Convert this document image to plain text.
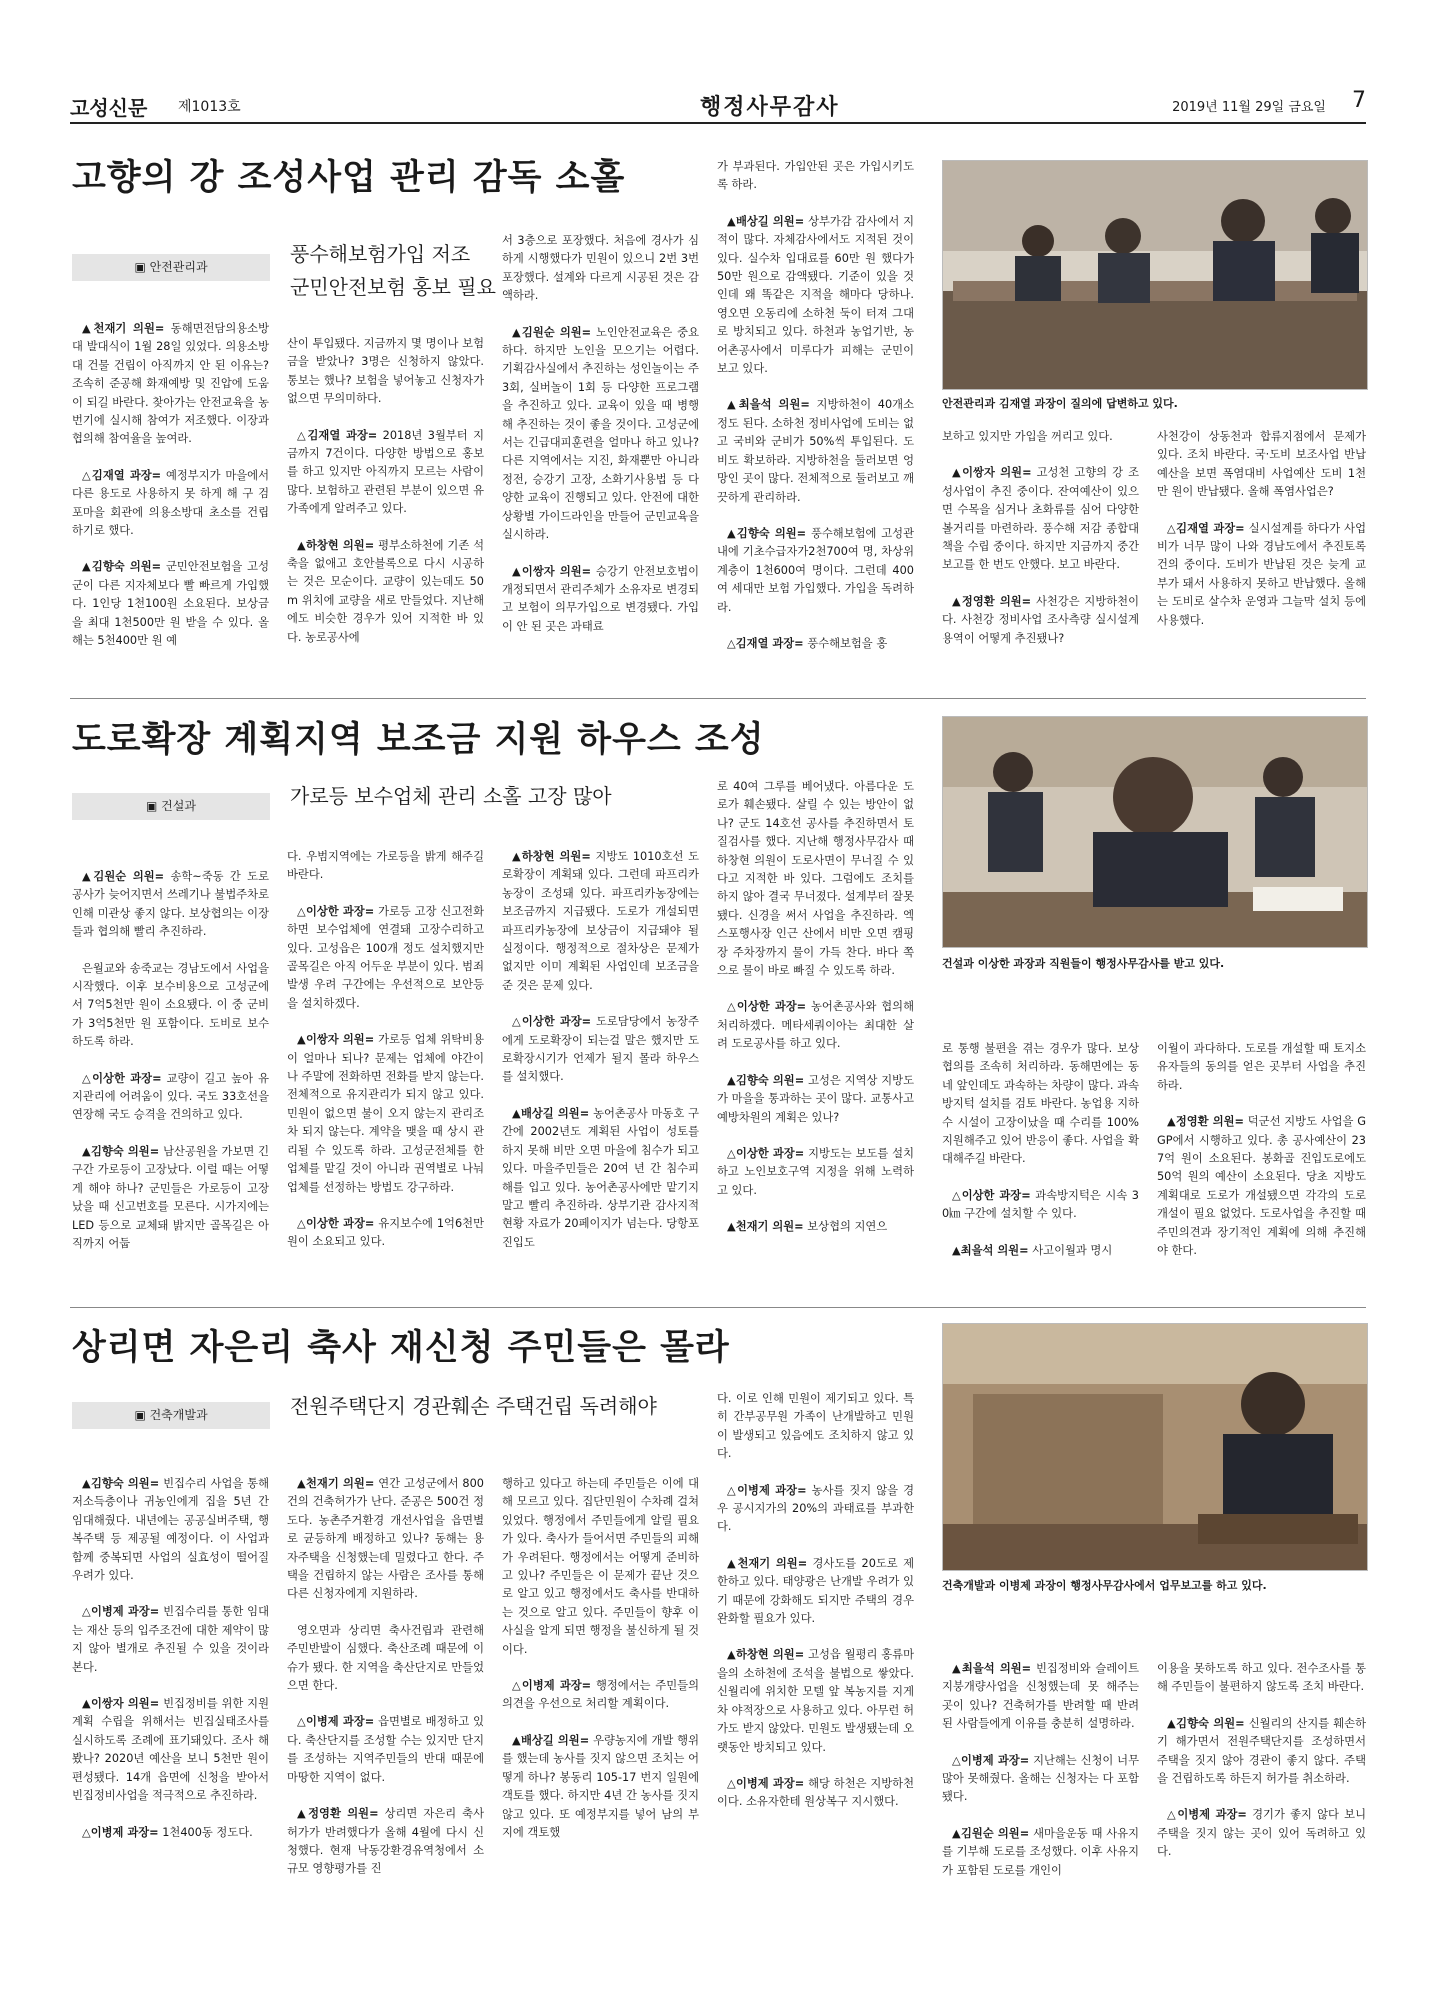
고성신문 제1013호	행정사무감사	2019년 11월 29일 금요일 7
고향의 강 조성사업 관리 감독 소홀
▣ 안전관리과
풍수해보험가입 저조
군민안전보험 홍보 필요
안전관리과 김재열 과장이 질의에 답변하고 있다.

▲천재기 의원= 동해면전담의용소방대 발대식이 1월 28일 있었다. 의용소방대 건물 건립이 아직까지 안 된 이유는? 조속히 준공해 화재예방 및 진압에 도움이 되길 바란다. 찾아가는 안전교육을 농번기에 실시해 참여가 저조했다. 이장과 협의해 참여율을 높여라.

△김재열 과장= 예정부지가 마을에서 다른 용도로 사용하지 못 하게 해 구 검포마을 회관에 의용소방대 초소를 건립하기로 했다.

▲김향숙 의원= 군민안전보험을 고성군이 다른 지자체보다 빨 빠르게 가입했다. 1인당 1천100원 소요된다. 보상금을 최대 1천500만 원 받을 수 있다. 올해는 5천400만 원 예

산이 투입됐다. 지금까지 몇 명이나 보험금을 받았나? 3명은 신청하지 않았다. 통보는 했나? 보험을 넣어놓고 신청자가 없으면 무의미하다.

△김재열 과장= 2018년 3월부터 지금까지 7건이다. 다양한 방법으로 홍보를 하고 있지만 아직까지 모르는 사람이 많다. 보험하고 관련된 부분이 있으면 유가족에게 알려주고 있다.

▲하창현 의원= 평부소하천에 기존 석축을 없애고 호안블록으로 다시 시공하는 것은 모순이다. 교량이 있는데도 50m 위치에 교량을 새로 만들었다. 지난해에도 비슷한 경우가 있어 지적한 바 있다. 농로공사에

서 3층으로 포장했다. 처음에 경사가 심하게 시행했다가 민원이 있으니 2번 3번 포장했다. 설계와 다르게 시공된 것은 감액하라.

▲김원순 의원= 노인안전교육은 중요하다. 하지만 노인을 모으기는 어렵다. 기획감사실에서 추진하는 성인놀이는 주3회, 실버놀이 1회 등 다양한 프로그램을 추진하고 있다. 교육이 있을 때 병행해 추진하는 것이 좋을 것이다. 고성군에서는 긴급대피훈련을 얼마나 하고 있나? 다른 지역에서는 지진, 화재뿐만 아니라 정전, 승강기 고장, 소화기사용법 등 다양한 교육이 진행되고 있다. 안전에 대한 상황별 가이드라인을 만들어 군민교육을 실시하라.

▲이쌍자 의원= 승강기 안전보호법이 개정되면서 관리주체가 소유자로 변경되고 보험이 의무가입으로 변경됐다. 가입이 안 된 곳은 과태료

가 부과된다. 가입안된 곳은 가입시키도록 하라.

▲배상길 의원= 상부가감 감사에서 지적이 많다. 자체감사에서도 지적된 것이 있다. 실수차 입대료를 60만 원 했다가 50만 원으로 감액됐다. 기준이 있을 것인데 왜 똑같은 지적을 해마다 당하나. 영오면 오동리에 소하천 둑이 터져 그대로 방치되고 있다. 하천과 농업기반, 농어촌공사에서 미루다가 피해는 군민이 보고 있다.

▲최을석 의원= 지방하천이 40개소 정도 된다. 소하천 정비사업에 도비는 없고 국비와 군비가 50%씩 투입된다. 도비도 확보하라. 지방하천을 둘러보면 엉망인 곳이 많다. 전체적으로 둘러보고 깨끗하게 관리하라.

▲김향숙 의원= 풍수해보험에 고성관내에 기초수급자가2천700여 명, 차상위계층이 1천600여 명이다. 그런데 400여 세대만 보험 가입했다. 가입을 독려하라.

△김재열 과장= 풍수해보험을 홍

보하고 있지만 가입을 꺼리고 있다.

▲이쌍자 의원= 고성천 고향의 강 조성사업이 추진 중이다. 잔여예산이 있으면 수목을 심거나 초화류를 심어 다양한 볼거리를 마련하라. 풍수해 저감 종합대책을 수립 중이다. 하지만 지금까지 중간보고를 한 번도 안했다. 보고 바란다.

▲정영환 의원= 사천강은 지방하천이다. 사천강 정비사업 조사측량 실시설계 용역이 어떻게 추진됐나?

사천강이 상동천과 합류지점에서 문제가 있다. 조치 바란다. 국·도비 보조사업 반납예산을 보면 폭염대비 사업예산 도비 1천만 원이 반납됐다. 올해 폭염사업은?

△김재열 과장= 실시설계를 하다가 사업비가 너무 많이 나와 경남도에서 추진토록 건의 중이다. 도비가 반납된 것은 늦게 교부가 돼서 사용하지 못하고 반납했다. 올해는 도비로 살수차 운영과 그늘막 설치 등에 사용했다.

도로확장 계획지역 보조금 지원 하우스 조성
▣ 건설과	가로등 보수업체 관리 소홀 고장 많아
건설과 이상한 과장과 직원들이 행정사무감사를 받고 있다.

▲김원순 의원= 송학~죽동 간 도로 공사가 늦어지면서 쓰레기나 불법주차로 인해 미관상 좋지 않다. 보상협의는 이장들과 협의해 빨리 추진하라.

은월교와 송죽교는 경남도에서 사업을 시작했다. 이후 보수비용으로 고성군에서 7억5천만 원이 소요됐다. 이 중 군비가 3억5천만 원 포함이다. 도비로 보수하도록 하라.

△이상한 과장= 교량이 길고 높아 유지관리에 어려움이 있다. 국도 33호선을 연장해 국도 승격을 건의하고 있다.

▲김향숙 의원= 남산공원을 가보면 긴 구간 가로등이 고장났다. 이럴 때는 어떻게 해야 하나? 군민들은 가로등이 고장 났을 때 신고번호를 모른다. 시가지에는 LED 등으로 교체돼 밝지만 골목길은 아직까지 어둡

다. 우범지역에는 가로등을 밝게 해주길 바란다.

△이상한 과장= 가로등 고장 신고전화하면 보수업체에 연결돼 고장수리하고 있다. 고성읍은 100개 정도 설치했지만 골목길은 아직 어두운 부분이 있다. 범죄발생 우려 구간에는 우선적으로 보안등을 설치하겠다.

▲이쌍자 의원= 가로등 업체 위탁비용이 얼마나 되나? 문제는 업체에 야간이나 주말에 전화하면 전화를 받지 않는다. 전체적으로 유지관리가 되지 않고 있다. 민원이 없으면 불이 오지 않는지 관리조차 되지 않는다. 계약을 맺을 때 상시 관리될 수 있도록 하라. 고성군전체를 한 업체를 맡길 것이 아니라 권역별로 나눠 업체를 선정하는 방법도 강구하라.

△이상한 과장= 유지보수에 1억6천만 원이 소요되고 있다.

▲하창현 의원= 지방도 1010호선 도로확장이 계획돼 있다. 그런데 파프리카농장이 조성돼 있다. 파프리카농장에는 보조금까지 지급됐다. 도로가 개설되면 파프리카농장에 보상금이 지급돼야 될 실정이다. 행정적으로 절차상은 문제가 없지만 이미 계획된 사업인데 보조금을 준 것은 문제 있다.

△이상한 과장= 도로담당에서 농장주에게 도로확장이 되는걸 말은 했지만 도로확장시기가 언제가 될지 몰라 하우스를 설치했다.

▲배상길 의원= 농어촌공사 마동호 구간에 2002년도 계획된 사업이 성토를 하지 못해 비만 오면 마을에 침수가 되고 있다. 마을주민들은 20여 년 간 침수피해를 입고 있다. 농어촌공사에만 맡기지 말고 빨리 추진하라. 상부기관 감사지적 현황 자료가 20페이지가 넘는다. 당항포진입도

로 40여 그루를 베어냈다. 아름다운 도로가 훼손됐다. 살릴 수 있는 방안이 없나? 군도 14호선 공사를 추진하면서 토질검사를 했다. 지난해 행정사무감사 때 하창현 의원이 도로사면이 무너질 수 있다고 지적한 바 있다. 그럼에도 조치를 하지 않아 결국 무너졌다. 설계부터 잘못 됐다. 신경을 써서 사업을 추진하라. 엑스포행사장 인근 산에서 비만 오면 캠핑장 주차장까지 물이 가득 찬다. 바다 쪽으로 물이 바로 빠질 수 있도록 하라.

△이상한 과장= 농어촌공사와 협의해 처리하겠다. 메타세쿼이아는 최대한 살려 도로공사를 하고 있다.

▲김향숙 의원= 고성은 지역상 지방도가 마을을 통과하는 곳이 많다. 교통사고 예방차원의 계획은 있나?

△이상한 과장= 지방도는 보도를 설치하고 노인보호구역 지정을 위해 노력하고 있다.

▲천재기 의원= 보상협의 지연으

로 통행 불편을 겪는 경우가 많다. 보상협의를 조속히 처리하라. 동해면에는 동네 앞인데도 과속하는 차량이 많다. 과속방지턱 설치를 검토 바란다. 농업용 지하수 시설이 고장이났을 때 수리를 100% 지원해주고 있어 반응이 좋다. 사업을 확대해주길 바란다.

△이상한 과장= 과속방지턱은 시속 30㎞ 구간에 설치할 수 있다.

▲최을석 의원= 사고이월과 명시

이월이 과다하다. 도로를 개설할 때 토지소유자들의 동의를 얻은 곳부터 사업을 추진하라.

▲정영환 의원= 덕군선 지방도 사업을 GGP에서 시행하고 있다. 총 공사예산이 237억 원이 소요된다. 봉화골 진입도로에도 50억 원의 예산이 소요된다. 당초 지방도 계획대로 도로가 개설됐으면 각각의 도로개설이 필요 없었다. 도로사업을 추진할 때 주민의견과 장기적인 계획에 의해 추진해야 한다.

상리면 자은리 축사 재신청 주민들은 몰라
▣ 건축개발과	전원주택단지 경관훼손 주택건립 독려해야
건축개발과 이병제 과장이 행정사무감사에서 업무보고를 하고 있다.

▲김향숙 의원= 빈집수리 사업을 통해 저소득층이나 귀농인에게 집을 5년 간 임대해줬다. 내년에는 공공실버주택, 행복주택 등 제공될 예정이다. 이 사업과 함께 중복되면 사업의 실효성이 떨어질 우려가 있다.

△이병제 과장= 빈집수리를 통한 임대는 재산 등의 입주조건에 대한 제약이 많지 않아 별개로 추진될 수 있을 것이라 본다.

▲이쌍자 의원= 빈집정비를 위한 지원계획 수립을 위해서는 빈집실태조사를 실시하도록 조례에 표기돼있다. 조사 해봤나? 2020년 예산을 보니 5천만 원이 편성됐다. 14개 읍면에 신청을 받아서 빈집정비사업을 적극적으로 추진하라.

△이병제 과장= 1천400동 정도다.

▲천재기 의원= 연간 고성군에서 800건의 건축허가가 난다. 준공은 500건 정도다. 농촌주거환경 개선사업을 읍면별로 균등하게 배정하고 있나? 동해는 용자주택을 신청했는데 밀렸다고 한다. 주택을 건립하지 않는 사람은 조사를 통해 다른 신청자에게 지원하라.

영오면과 상리면 축사건립과 관련해 주민반발이 심했다. 축산조례 때문에 이슈가 됐다. 한 지역을 축산단지로 만들었으면 한다.

△이병제 과장= 읍면별로 배정하고 있다. 축산단지를 조성할 수는 있지만 단지를 조성하는 지역주민들의 반대 때문에 마땅한 지역이 없다.

▲정영환 의원= 상리면 자은리 축사 허가가 반려했다가 올해 4월에 다시 신청했다. 현재 낙동강환경유역청에서 소규모 영향평가를 진

행하고 있다고 하는데 주민들은 이에 대해 모르고 있다. 집단민원이 수차례 걸쳐 있었다. 행정에서 주민들에게 알릴 필요가 있다. 축사가 들어서면 주민들의 피해가 우려된다. 행정에서는 어떻게 준비하고 있나? 주민들은 이 문제가 끝난 것으로 알고 있고 행정에서도 축사를 반대하는 것으로 알고 있다. 주민들이 향후 이 사실을 알게 되면 행정을 불신하게 될 것이다.

△이병제 과장= 행정에서는 주민들의 의견을 우선으로 처리할 계획이다.

▲배상길 의원= 우량농지에 개발 행위를 했는데 농사를 짓지 않으면 조치는 어떻게 하나? 봉동리 105-17 번지 일원에 객토를 했다. 하지만 4년 간 농사를 짓지 않고 있다. 또 예정부지를 넣어 남의 부지에 객토했

다. 이로 인해 민원이 제기되고 있다. 특히 간부공무원 가족이 난개발하고 민원이 발생되고 있음에도 조치하지 않고 있다.

△이병제 과장= 농사를 짓지 않을 경우 공시지가의 20%의 과태료를 부과한다.

▲천재기 의원= 경사도를 20도로 제한하고 있다. 태양광은 난개발 우려가 있기 때문에 강화해도 되지만 주택의 경우 완화할 필요가 있다.

▲하창현 의원= 고성읍 월평리 홍류마을의 소하천에 조석을 불법으로 쌓았다. 신월리에 위치한 모텔 앞 복농지를 지게차 야적장으로 사용하고 있다. 아무런 허가도 받지 않았다. 민원도 발생됐는데 오랫동안 방치되고 있다.

△이병제 과장= 해당 하천은 지방하천이다. 소유자한테 원상복구 지시했다.

▲최을석 의원= 빈집정비와 슬레이트지붕개량사업을 신청했는데 못 해주는 곳이 있나? 건축허가를 반려할 때 반려된 사람들에게 이유를 충분히 설명하라.

△이병제 과장= 지난해는 신청이 너무 많아 못해줬다. 올해는 신청자는 다 포함됐다.

▲김원순 의원= 새마을운동 때 사유지를 기부해 도로를 조성했다. 이후 사유지가 포함된 도로를 개인이

이용을 못하도록 하고 있다. 전수조사를 통해 주민들이 불편하지 않도록 조치 바란다.

▲김향숙 의원= 신월리의 산지를 훼손하기 해가면서 전원주택단지를 조성하면서 주택을 짓지 않아 경관이 좋지 않다. 주택을 건립하도록 하든지 허가를 취소하라.

△이병제 과장= 경기가 좋지 않다 보니 주택을 짓지 않는 곳이 있어 독려하고 있다.
